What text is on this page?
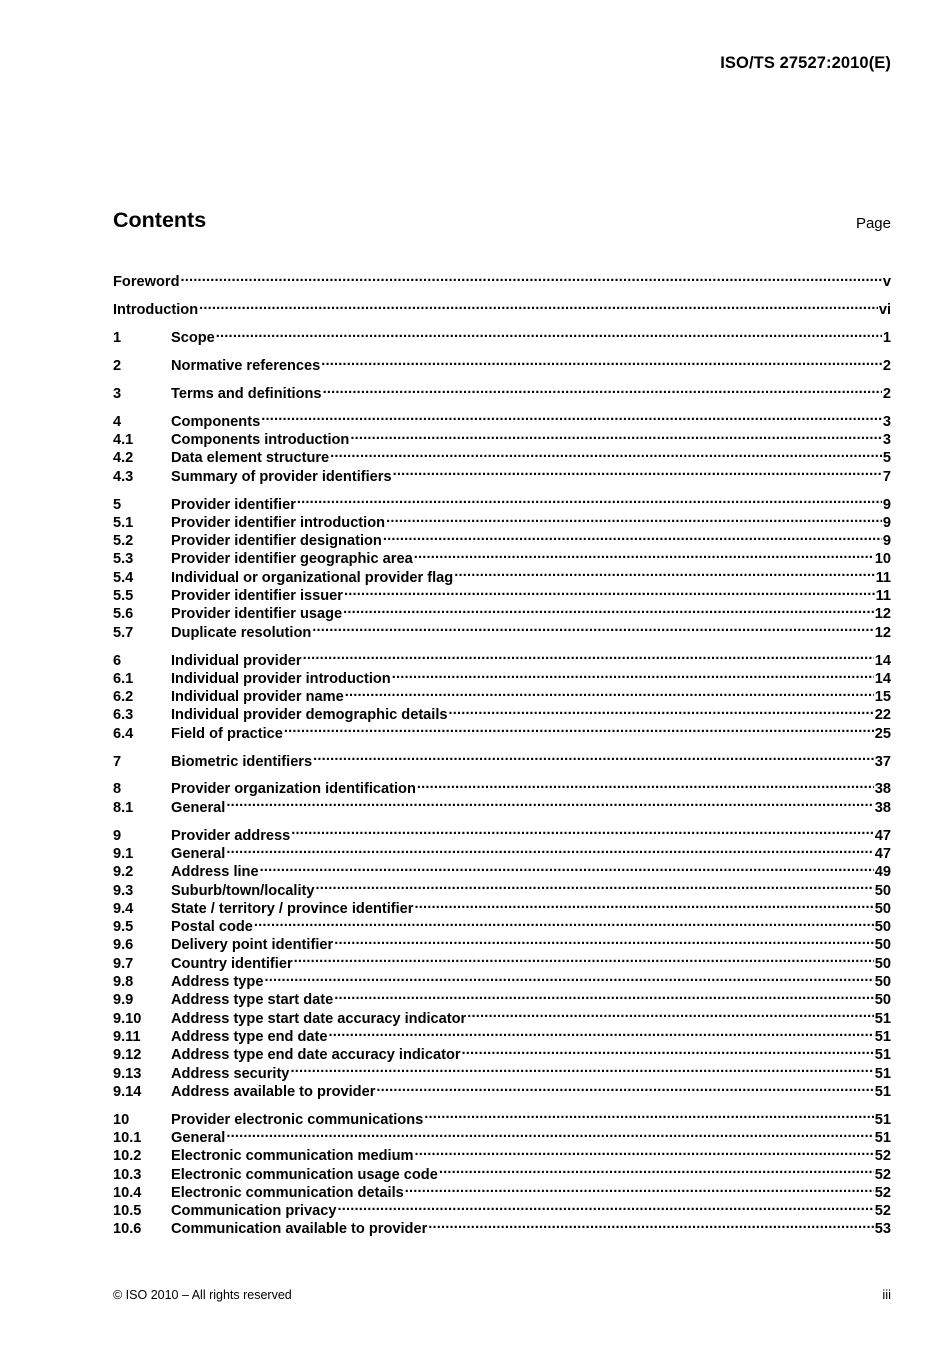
ISO/TS 27527:2010(E)
Contents	Page
Foreword .....	v
Introduction .....	vi
1	Scope .....	1
2	Normative references .....	2
3	Terms and definitions .....	2
4	Components .....	3
4.1	Components introduction .....	3
4.2	Data element structure .....	5
4.3	Summary of provider identifiers .....	7
5	Provider identifier .....	9
5.1	Provider identifier introduction .....	9
5.2	Provider identifier designation .....	9
5.3	Provider identifier geographic area .....	10
5.4	Individual or organizational provider flag .....	11
5.5	Provider identifier issuer .....	11
5.6	Provider identifier usage .....	12
5.7	Duplicate resolution .....	12
6	Individual provider .....	14
6.1	Individual provider introduction .....	14
6.2	Individual provider name .....	15
6.3	Individual provider demographic details .....	22
6.4	Field of practice .....	25
7	Biometric identifiers .....	37
8	Provider organization identification .....	38
8.1	General .....	38
9	Provider address .....	47
9.1	General .....	47
9.2	Address line .....	49
9.3	Suburb/town/locality .....	50
9.4	State / territory / province identifier .....	50
9.5	Postal code .....	50
9.6	Delivery point identifier .....	50
9.7	Country identifier .....	50
9.8	Address type .....	50
9.9	Address type start date .....	50
9.10	Address type start date accuracy indicator .....	51
9.11	Address type end date .....	51
9.12	Address type end date accuracy indicator .....	51
9.13	Address security .....	51
9.14	Address available to provider .....	51
10	Provider electronic communications .....	51
10.1	General .....	51
10.2	Electronic communication medium .....	52
10.3	Electronic communication usage code .....	52
10.4	Electronic communication details .....	52
10.5	Communication privacy .....	52
10.6	Communication available to provider .....	53
© ISO 2010 – All rights reserved	iii
